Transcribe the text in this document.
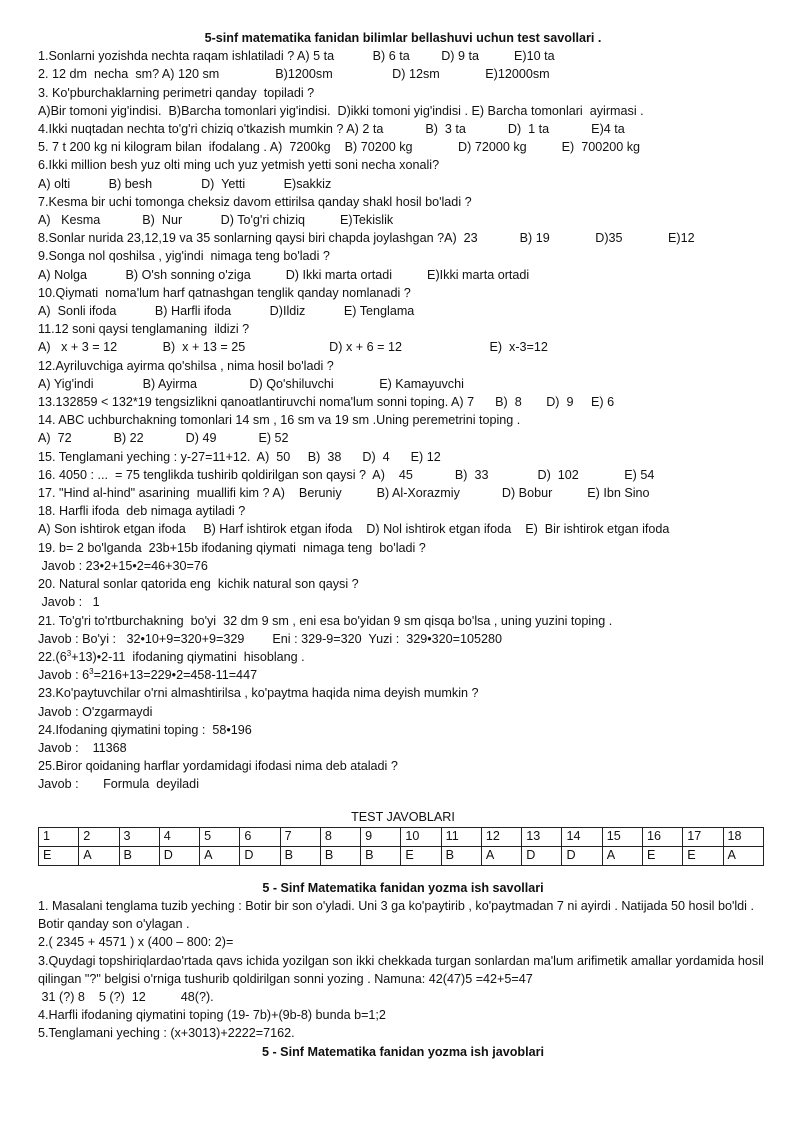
5-sinf matematika fanidan bilimlar bellashuvi uchun test savollari .

1.Sonlarni yozishda nechta raqam ishlatiladi ? A) 5 ta           B) 6 ta         D) 9 ta          E)10 ta

2. 12 dm  necha  sm? A) 120 sm                B)1200sm                 D) 12sm             E)12000sm

3. Ko'pburchaklarning perimetri qanday  topiladi ?

A)Bir tomoni yig'indisi.  B)Barcha tomonlari yig'indisi.  D)ikki tomoni yig'indisi . E) Barcha tomonlari  ayirmasi .

4.Ikki nuqtadan nechta to'g'ri chiziq o'tkazish mumkin ? A) 2 ta            B)  3 ta            D)  1 ta            E)4 ta

5. 7 t 200 kg ni kilogram bilan  ifodalang . A)  7200kg    B) 70200 kg             D) 72000 kg          E)  700200 kg

6.Ikki million besh yuz olti ming uch yuz yetmish yetti soni necha xonali?

A) olti           B) besh              D)  Yetti           E)sakkiz

7.Kesma bir uchi tomonga cheksiz davom ettirilsa qanday shakl hosil bo'ladi ?

A)   Kesma            B)  Nur           D) To'g'ri chiziq          E)Tekislik

8.Sonlar nurida 23,12,19 va 35 sonlarning qaysi biri chapda joylashgan ?A)  23            B) 19             D)35             E)12

9.Songa nol qoshilsa , yig'indi  nimaga teng bo'ladi ?

A) Nolga           B) O'sh sonning o'ziga          D) Ikki marta ortadi          E)Ikki marta ortadi

10.Qiymati  noma'lum harf qatnashgan tenglik qanday nomlanadi ?

A)  Sonli ifoda           B) Harfli ifoda           D)Ildiz           E) Tenglama

11.12 soni qaysi tenglamaning  ildizi ?

A)   x + 3 = 12             B)  x + 13 = 25                        D) x + 6 = 12                         E)  x-3=12

12.Ayriluvchiga ayirma qo'shilsa , nima hosil bo'ladi ?

A) Yig'indi              B) Ayirma               D) Qo'shiluvchi             E) Kamayuvchi

13.132859 < 132*19 tengsizlikni qanoatlantiruvchi noma'lum sonni toping. A) 7      B)  8       D)  9     E) 6

14. ABC uchburchakning tomonlari 14 sm , 16 sm va 19 sm .Uning peremetrini toping .

A)  72            B) 22            D) 49            E) 52

15. Tenglamani yeching : y-27=11+12.  A)  50     B)  38      D)  4      E) 12

16. 4050 : ...  = 75 tenglikda tushirib qoldirilgan son qaysi ?  A)    45            B)  33              D)  102             E) 54

17. "Hind al-hind" asarining  muallifi kim ? A)    Beruniy          B) Al-Xorazmiy            D) Bobur          E) Ibn Sino

18. Harfli ifoda  deb nimaga aytiladi ?

A) Son ishtirok etgan ifoda     B) Harf ishtirok etgan ifoda    D) Nol ishtirok etgan ifoda    E)  Bir ishtirok etgan ifoda

19. b= 2 bo'lganda  23b+15b ifodaning qiymati  nimaga teng  bo'ladi ?

Javob : 23•2+15•2=46+30=76

20. Natural sonlar qatorida eng  kichik natural son qaysi ?

Javob :   1

21. To'g'ri to'rtburchakning  bo'yi  32 dm 9 sm , eni esa bo'yidan 9 sm qisqa bo'lsa , uning yuzini toping .

Javob : Bo'yi :   32•10+9=320+9=329        Eni : 329-9=320  Yuzi :  329•320=105280

$22.(6^3+13)•2-11$  ifodaning qiymatini  hisoblang .

Javob : $6^3=216+13=229•2=458-11=447$

23.Ko'paytuvchilar o'rni almashtirilsa , ko'paytma haqida nima deyish mumkin ?

Javob : O'zgarmaydi

24.Ifodaning qiymatini toping :  58•196

Javob :    11368

25.Biror qoidaning harflar yordamidagi ifodasi nima deb ataladi ?

Javob :       Formula  deyiladi

TEST JAVOBLARI

1	2	3	4	5	6	7	8	9	10	11	12	13	14	15	16	17	18
E	A	B	D	A	D	B	B	B	E	B	A	D	D	A	E	E	A

5 - Sinf Matematika fanidan yozma ish savollari

1. Masalani tenglama tuzib yeching : Botir bir son o'yladi. Uni 3 ga ko'paytirib , ko'paytmadan 7 ni ayirdi . Natijada 50 hosil bo'ldi . Botir qanday son o'ylagan .

2.( 2345 + 4571 ) x (400 – 800: 2)=

3.Quydagi topshiriqlardao'rtada qavs ichida yozilgan son ikki chekkada turgan sonlardan ma'lum arifimetik amallar yordamida hosil qilingan "?" belgisi o'rniga tushurib qoldirilgan sonni yozing . Namuna: 42(47)5 =42+5=47

31 (?) 8    5 (?)  12          48(?).

4.Harfli ifodaning qiymatini toping (19- 7b)+(9b-8) bunda b=1;2

5.Tenglamani yeching : (x+3013)+2222=7162.

5 - Sinf Matematika fanidan yozma ish javoblari
